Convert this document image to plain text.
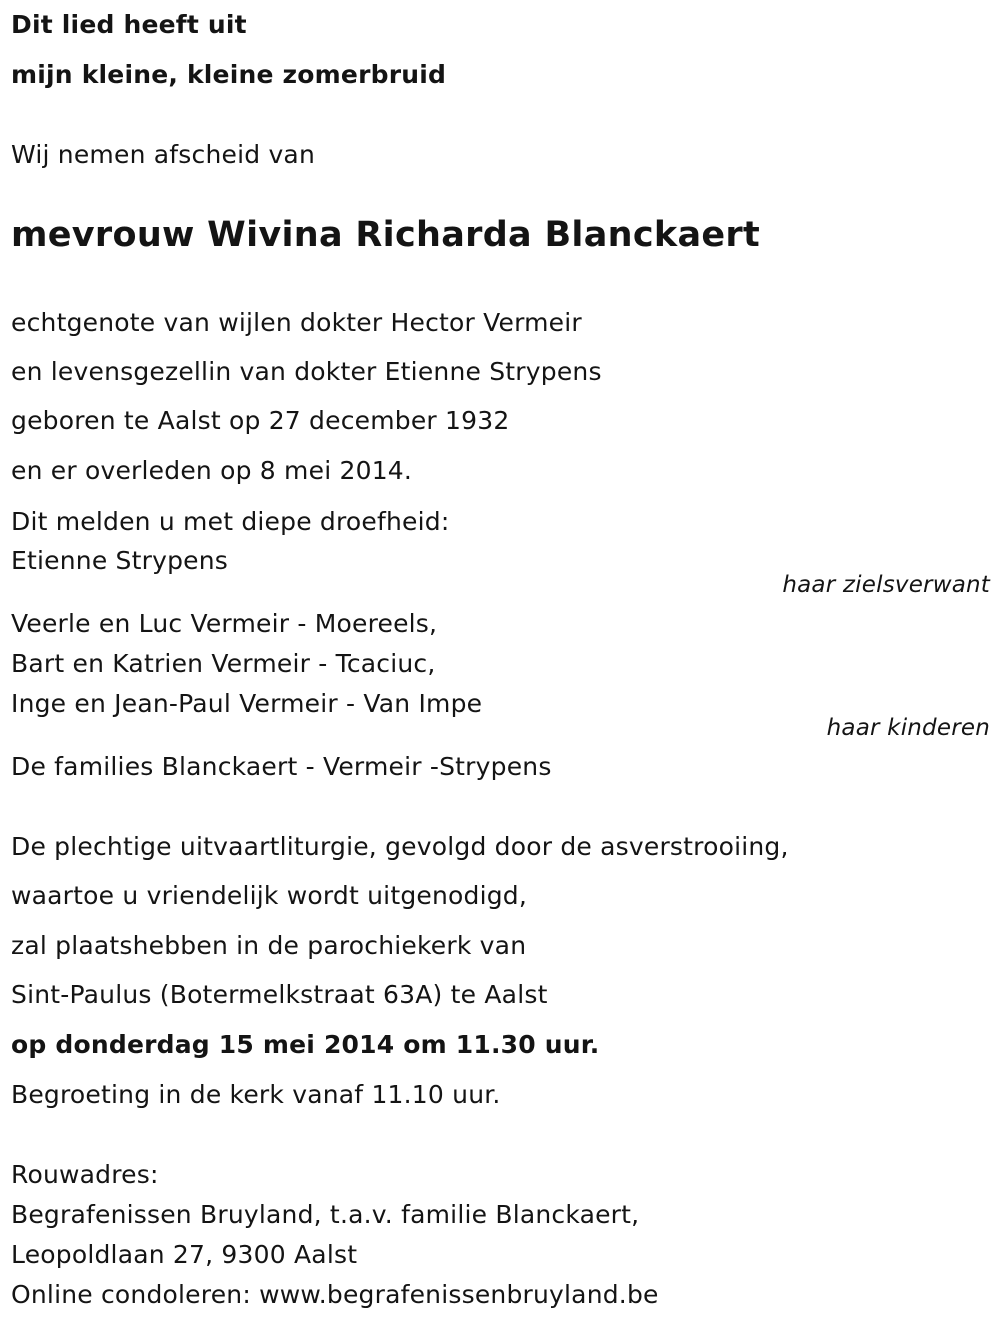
Dit lied heeft uit
mijn kleine, kleine zomerbruid
Wij nemen afscheid van
mevrouw Wivina Richarda Blanckaert
echtgenote van wijlen dokter Hector Vermeir
en levensgezellin van dokter Etienne Strypens
geboren te Aalst op 27 december 1932
en er overleden op 8 mei 2014.
Dit melden u met diepe droefheid:
Etienne Strypens
haar zielsverwant
Veerle en Luc Vermeir - Moereels,
Bart en Katrien Vermeir - Tcaciuc,
Inge en Jean-Paul Vermeir - Van Impe
haar kinderen
De families Blanckaert - Vermeir -Strypens
De plechtige uitvaartliturgie, gevolgd door de asverstrooiing,
waartoe u vriendelijk wordt uitgenodigd,
zal plaatshebben in de parochiekerk van
Sint-Paulus (Botermelkstraat 63A) te Aalst
op donderdag 15 mei 2014 om 11.30 uur.
Begroeting in de kerk vanaf 11.10 uur.
Rouwadres:
Begrafenissen Bruyland, t.a.v. familie Blanckaert,
Leopoldlaan 27, 9300 Aalst
Online condoleren: www.begrafenissenbruyland.be
